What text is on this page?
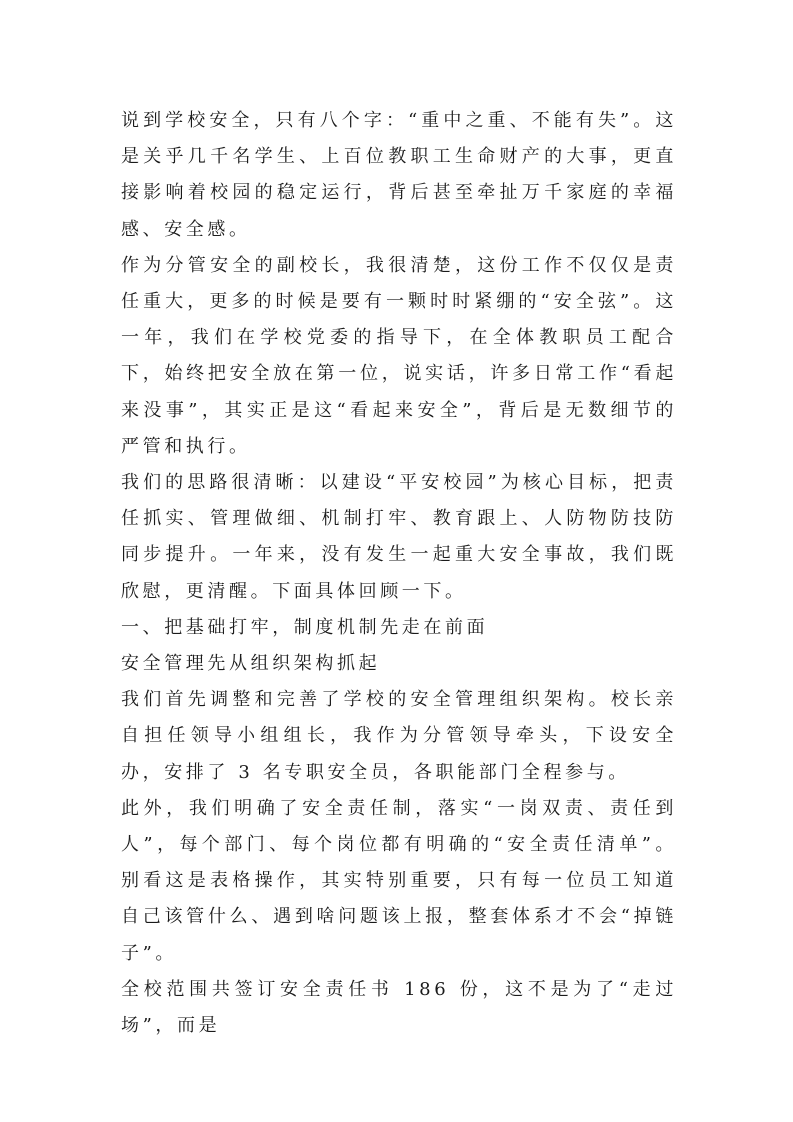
说到学校安全，只有八个字：“重中之重、不能有失”。这是关乎几千名学生、上百位教职工生命财产的大事，更直接影响着校园的稳定运行，背后甚至牵扯万千家庭的幸福感、安全感。

作为分管安全的副校长，我很清楚，这份工作不仅仅是责任重大，更多的时候是要有一颗时时紧绷的“安全弦”。这一年，我们在学校党委的指导下，在全体教职员工配合下，始终把安全放在第一位，说实话，许多日常工作“看起来没事”，其实正是这“看起来安全”，背后是无数细节的严管和执行。

我们的思路很清晰：以建设“平安校园”为核心目标，把责任抓实、管理做细、机制打牢、教育跟上、人防物防技防同步提升。一年来，没有发生一起重大安全事故，我们既欣慰，更清醒。下面具体回顾一下。

一、把基础打牢，制度机制先走在前面

安全管理先从组织架构抓起

我们首先调整和完善了学校的安全管理组织架构。校长亲自担任领导小组组长，我作为分管领导牵头，下设安全办，安排了 3 名专职安全员，各职能部门全程参与。

此外，我们明确了安全责任制，落实“一岗双责、责任到人”，每个部门、每个岗位都有明确的“安全责任清单”。别看这是表格操作，其实特别重要，只有每一位员工知道自己该管什么、遇到啥问题该上报，整套体系才不会“掉链子”。

全校范围共签订安全责任书 186 份，这不是为了“走过场”，而是
